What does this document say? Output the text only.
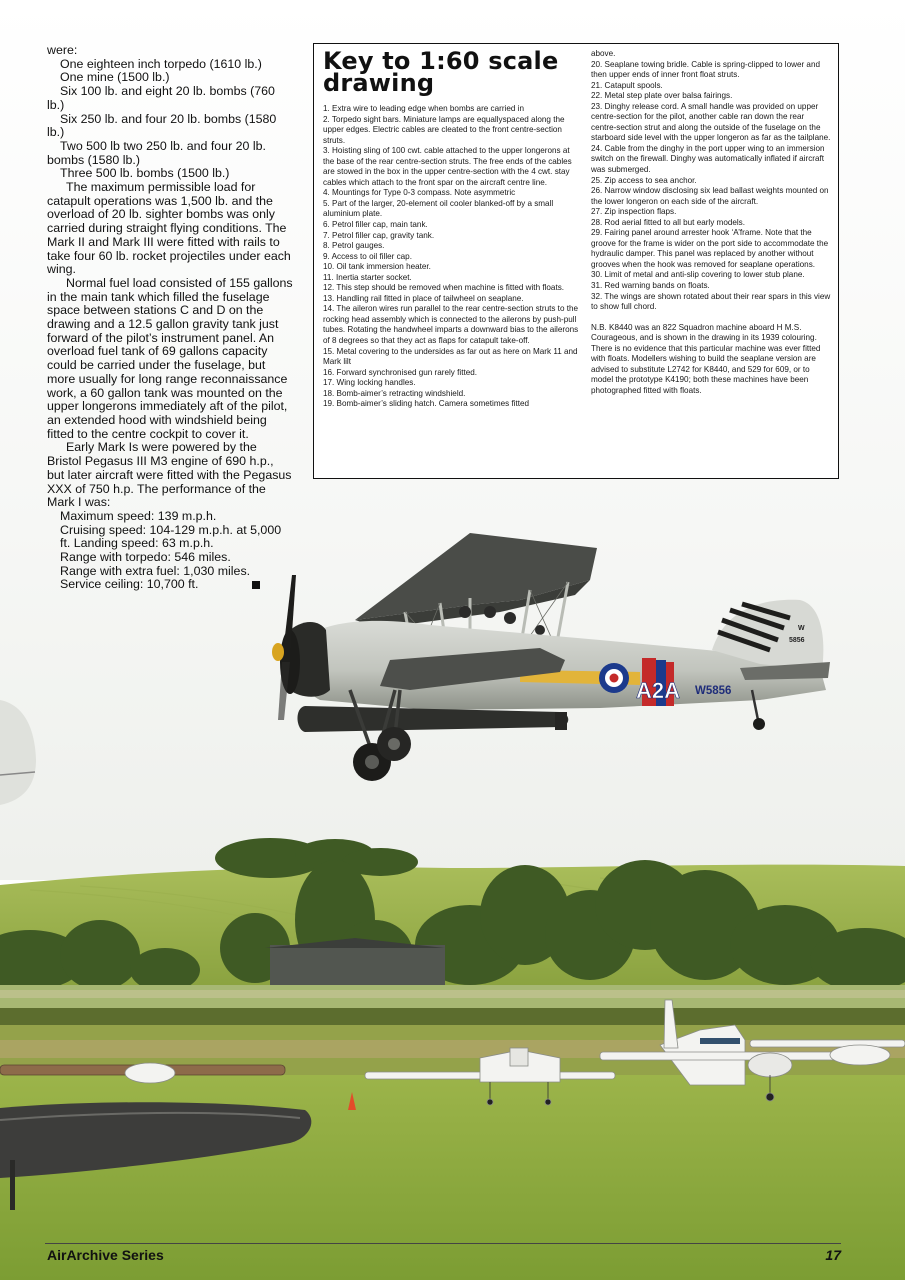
A2A W5856
W
5856

were:

One eighteen inch torpedo (1610 lb.)

One mine (1500 lb.)

Six 100 lb. and eight 20 lb. bombs (760 lb.)

Six 250 lb. and four 20 lb. bombs (1580 lb.)

Two 500 lb two 250 lb. and four 20 lb. bombs (1580 lb.)

Three 500 lb. bombs (1500 lb.)

The maximum permissible load for catapult operations was 1,500 lb. and the overload of 20 lb. sighter bombs was only carried during straight flying conditions. The Mark II and Mark III were fitted with rails to take four 60 lb. rocket projectiles under each wing.

Normal fuel load consisted of 155 gallons in the main tank which filled the fuselage space between stations C and D on the drawing and a 12.5 gallon gravity tank just forward of the pilot’s instrument panel. An overload fuel tank of 69 gallons capacity could be carried under the fuselage, but more usually for long range reconnaissance work, a 60 gallon tank was mounted on the upper longerons immediately aft of the pilot, an extended hood with windshield being fitted to the centre cockpit to cover it.

Early Mark Is were powered by the Bristol Pegasus III M3 engine of 690 h.p., but later aircraft were fitted with the Pegasus XXX of 750 h.p. The performance of the Mark I was:

Maximum speed: 139 m.p.h.

Cruising speed: 104-129 m.p.h. at 5,000 ft. Landing speed: 63 m.p.h.

Range with torpedo: 546 miles.

Range with extra fuel: 1,030 miles.

Service ceiling: 10,700 ft.

Key to 1:60 scale drawing

1. Extra wire to leading edge when bombs are carried in

2. Torpedo sight bars. Miniature lamps are equallyspaced along the upper edges. Electric cables are cleated to the front centre-section struts.

3. Hoisting sling of 100 cwt. cable attached to the upper longerons at the base of the rear centre-section struts. The free ends of the cables are stowed in the box in the upper centre-section with the 4 cwt. stay cables which attach to the front spar on the aircraft centre line.

4. Mountings for Type 0-3 compass. Note asymmetric

5. Part of the larger, 20-element oil cooler blanked-off by a small aluminium plate.

6. Petrol filler cap, main tank.

7. Petrol filler cap, gravity tank.

8. Petrol gauges.

9. Access to oil filler cap.

10. Oil tank immersion heater.

11. Inertia starter socket.

12. This step should be removed when machine is fitted with floats.

13. Handling rail fitted in place of tailwheel on seaplane.

14. The aileron wires run parallel to the rear centre-section struts to the rocking head assembly which is connected to the ailerons by push-pull tubes. Rotating the handwheel imparts a downward bias to the ailerons of 8 degrees so that they act as flaps for catapult take-off.

15. Metal covering to the undersides as far out as here on Mark 11 and Mark lilt

16. Forward synchronised gun rarely fitted.

17. Wing locking handles.

18. Bomb-aimer’s retracting windshield.

19. Bomb-aimer’s sliding hatch. Camera sometimes fitted

above.

20. Seaplane towing bridle. Cable is spring-clipped to lower and then upper ends of inner front float struts.

21. Catapult spools.

22. Metal step plate over balsa fairings.

23. Dinghy release cord. A small handle was provided on upper centre-section for the pilot, another cable ran down the rear centre-section strut and along the outside of the fuselage on the starboard side level with the upper longeron as far as the tailplane.

24. Cable from the dinghy in the port upper wing to an immersion switch on the firewall. Dinghy was automatically inflated if aircraft was submerged.

25. Zip access to sea anchor.

26. Narrow window disclosing six lead ballast weights mounted on the lower longeron on each side of the aircraft.

27. Zip inspection flaps.

28. Rod aerial fitted to all but early models.

29. Fairing panel around arrester hook ‘A’frame. Note that the groove for the frame is wider on the port side to accommodate the hydraulic damper. This panel was replaced by another without grooves when the hook was removed for seaplane operations.

30. Limit of metal and anti-slip covering to lower stub plane.

31. Red warning bands on floats.

32. The wings are shown rotated about their rear spars in this view to show full chord.

N.B. K8440 was an 822 Squadron machine aboard H M.S. Courageous, and is shown in the drawing in its 1939 colouring. There is no evidence that this particular machine was ever fitted with floats. Modellers wishing to build the seaplane version are advised to substitute L2742 for K8440, and 529 for 609, or to model the prototype K4190; both these machines have been photographed fitted with floats.

AirArchive Series	17
